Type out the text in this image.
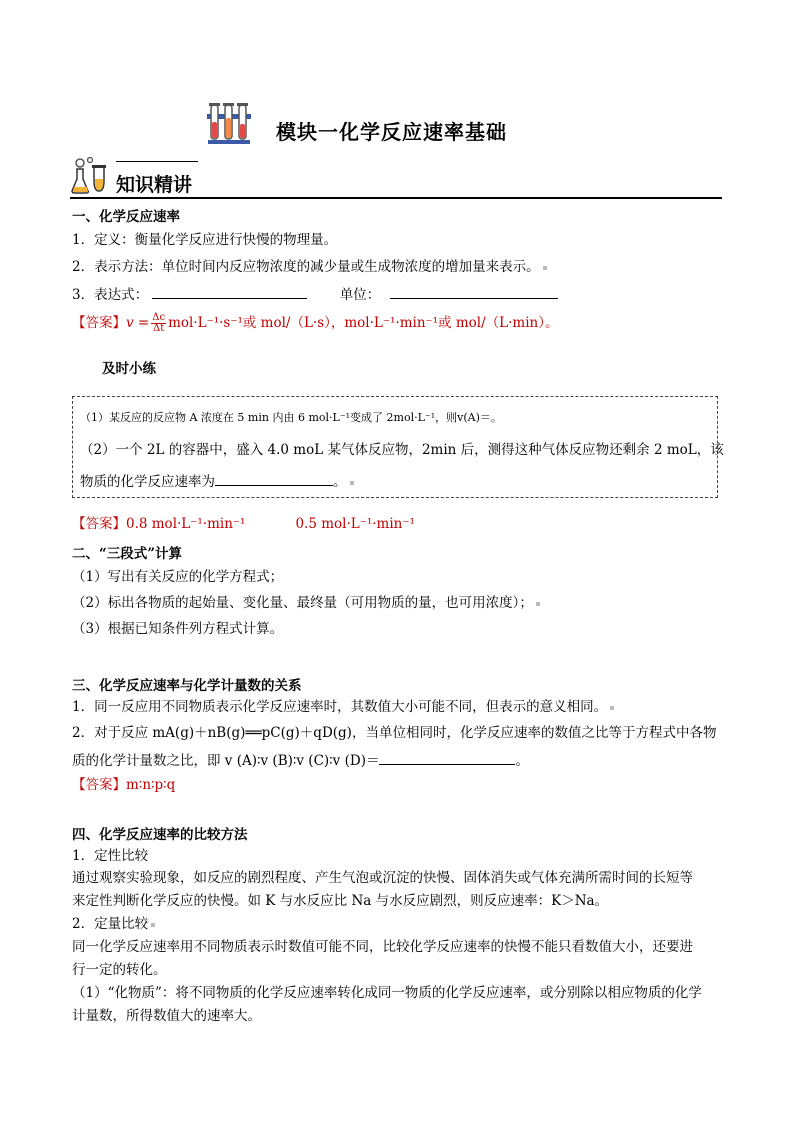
模块一化学反应速率基础
知识精讲
一、化学反应速率
1．定义：衡量化学反应进行快慢的物理量。
2．表示方法：单位时间内反应物浓度的减少量或生成物浓度的增加量来表示。
3．表达式：	单位：
【答案】$v = \frac{\Delta c}{\Delta t} mol\cdot L^{-1}\cdot s^{-1}$或 mol/（L·s），mol·L⁻¹·min⁻¹或 mol/（L·min）。
及时小练
（1）某反应的反应物 A 浓度在 5 min 内由 6 mol·L⁻¹变成了 2mol·L⁻¹，则v(A)＝。
（2）一个 2L 的容器中，盛入 4.0 moL 某气体反应物，2min 后，测得这种气体反应物还剩余 2 moL，该
物质的化学反应速率为	。
【答案】0.8 mol·L⁻¹·min⁻¹	0.5 mol·L⁻¹·min⁻¹
二、“三段式”计算
（1）写出有关反应的化学方程式；
（2）标出各物质的起始量、变化量、最终量（可用物质的量，也可用浓度）；
（3）根据已知条件列方程式计算。
三、化学反应速率与化学计量数的关系
1．同一反应用不同物质表示化学反应速率时，其数值大小可能不同，但表示的意义相同。
2．对于反应 mA(g)＋nB(g)══pC(g)＋qD(g)，当单位相同时，化学反应速率的数值之比等于方程式中各物
质的化学计量数之比，即 v (A)∶v (B)∶v (C)∶v (D)＝	。
【答案】m∶n∶p∶q
四、化学反应速率的比较方法
1．定性比较
通过观察实验现象，如反应的剧烈程度、产生气泡或沉淀的快慢、固体消失或气体充满所需时间的长短等
来定性判断化学反应的快慢。如 K 与水反应比 Na 与水反应剧烈，则反应速率：K＞Na。
2．定量比较
同一化学反应速率用不同物质表示时数值可能不同，比较化学反应速率的快慢不能只看数值大小，还要进
行一定的转化。
（1）“化物质”：将不同物质的化学反应速率转化成同一物质的化学反应速率，或分别除以相应物质的化学
计量数，所得数值大的速率大。
